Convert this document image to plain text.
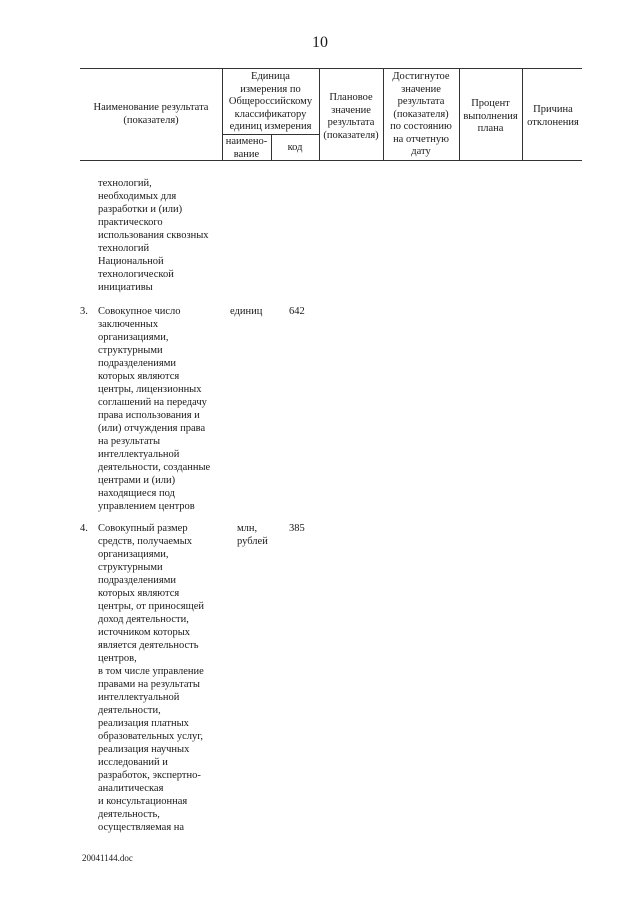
10
Наименование результата
(показателя)
Единица
измерения по
Общероссийскому
классификатору
единиц измерения
наимено-
вание
код
Плановое
значение
результата
(показателя)
Достигнутое
значение
результата
(показателя)
по состоянию
на отчетную
дату
Процент
выполнения
плана
Причина
отклонения
технологий,
необходимых для
разработки и (или)
практического
использования сквозных
технологий
Национальной
технологической
инициативы
3. Совокупное число
заключенных
организациями,
структурными
подразделениями
которых являются
центры, лицензионных
соглашений на передачу
права использования и
(или) отчуждения права
на результаты
интеллектуальной
деятельности, созданные
центрами и (или)
находящиеся под
управлением центров
единиц	642
4. Совокупный размер
средств, получаемых
организациями,
структурными
подразделениями
которых являются
центры, от приносящей
доход деятельности,
источником которых
является деятельность
центров,
в том числе управление
правами на результаты
интеллектуальной
деятельности,
реализация платных
образовательных услуг,
реализация научных
исследований и
разработок, экспертно-
аналитическая
и консультационная
деятельность,
осуществляемая на
млн,
рублей
385
20041144.doc
